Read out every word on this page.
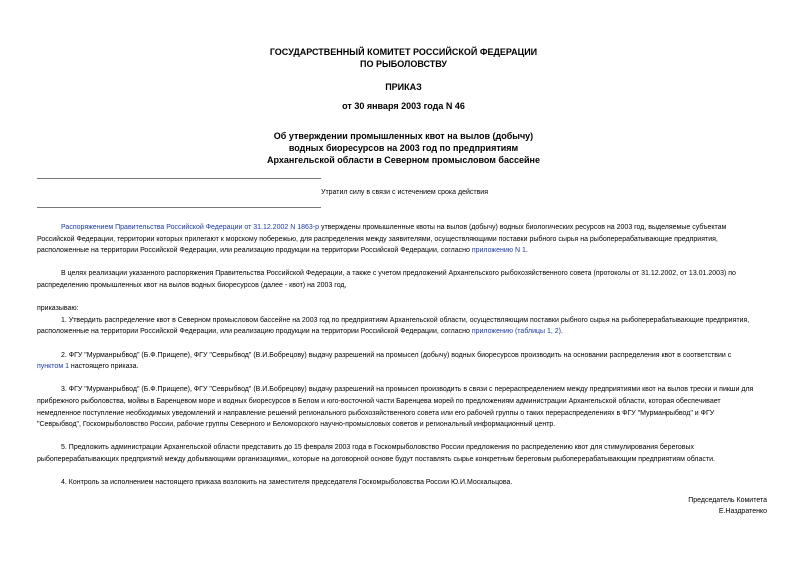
ГОСУДАРСТВЕННЫЙ КОМИТЕТ РОССИЙСКОЙ ФЕДЕРАЦИИ
ПО РЫБОЛОВСТВУ
ПРИКАЗ
от 30 января 2003 года N 46
Об утверждении промышленных квот на вылов (добычу)
водных биоресурсов на 2003 год по предприятиям
Архангельской области в Северном промысловом бассейне
Утратил силу в связи с истечением срока действия
Распоряжением Правительства Российской Федерации от 31.12.2002 N 1863-р утверждены промышленные квоты на вылов (добычу) водных биологических ресурсов на 2003 год, выделяемые субъектам
Российской Федерации, территории которых прилегают к морскому побережью, для распределения между заявителями, осуществляющими поставки рыбного сырья на рыбоперерабатывающие предприятия,
расположенные на территории Российской Федерации, или реализацию продукции на территории Российской Федерации, согласно приложению N 1.
В целях реализации указанного распоряжения Правительства Российской Федерации, а также с учетом предложений Архангельского рыбохозяйственного совета (протоколы от 31.12.2002, от 13.01.2003) по
распределению промышленных квот на вылов водных биоресурсов (далее - квот) на 2003 год,
приказываю:
1. Утвердить распределение квот в Северном промысловом бассейне на 2003 год по предприятиям Архангельской области, осуществляющим поставки рыбного сырья на рыбоперерабатывающие предприятия,
расположенные на территории Российской Федерации, или реализацию продукции на территории Российской Федерации, согласно приложению (таблицы 1, 2).
2. ФГУ "Мурманрыбвод" (Б.Ф.Прищепе), ФГУ "Севрыбвод" (В.И.Бобрецову) выдачу разрешений на промысел (добычу) водных биоресурсов производить на основании распределения квот в соответствии с
пунктом 1 настоящего приказа.
3. ФГУ "Мурманрыбвод" (Б.Ф.Прищепе), ФГУ "Севрыбвод" (В.И.Бобрецову) выдачу разрешений на промысел производить в связи с перераспределением между предприятиями квот на вылов трески и пикши для
прибрежного рыболовства, мойвы в Баренцевом море и водных биоресурсов в Белом и юго-восточной части Баренцева морей по предложениям администрации Архангельской области, которая обеспечивает
немедленное поступление необходимых уведомлений и направление решений регионального рыбохозяйственного совета или его рабочей группы о таких перераспределениях в ФГУ "Мурманрыбвод" и ФГУ
"Севрыбвод", Госкомрыболовство России, рабочие группы Северного и Беломорского научно-промысловых советов и региональный информационный центр.
5. Предложить администрации Архангельской области представить до 15 февраля 2003 года в Госкомрыболовство России предложения по распределению квот для стимулирования береговых
рыбоперерабатывающих предприятий между добывающими организациями,, которые на договорной основе будут поставлять сырье конкретным береговым рыбоперерабатывающим предприятиям области.
4. Контроль за исполнением настоящего приказа возложить на заместителя председателя Госкомрыболовства России Ю.И.Москальцова.
Председатель Комитета
Е.Наздратенко
